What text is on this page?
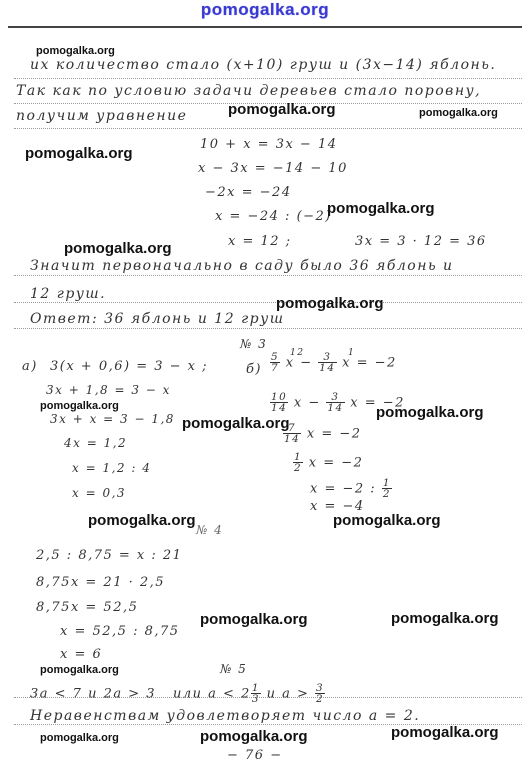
pomogalka.org
их количество стало (x+10) груш и (3x−14) яблонь.
Так как по условию задачи деревьев стало поровну,
получим уравнение
10 + x = 3x − 14
x − 3x = −14 − 10
−2x = −24
x = −24 : (−2)
x = 12 ;	3x = 3 · 12 = 36
Значит первоначально в саду было 36 яблонь и
12 груш.
Ответ: 36 яблонь и 12 груш
№ 3
а) 3(x + 0,6) = 3 − x ;
3x + 1,8 = 3 − x
3x + x = 3 − 1,8
4x = 1,2
x = 1,2 : 4
x = 0,3
б)
12
$\frac{5}{7}$ x −
1
$\frac{3}{14}$ x = −2
$\frac{10}{14}$ $x - \frac{3}{14}$ x = −2
$\frac{7}{14}$ x = −2
$\frac{1}{2}$ x = −2
x = −2 : $\frac{1}{2}$
x = −4
№ 4
2,5 : 8,75 = x : 21
8,75x = 21 · 2,5
8,75x = 52,5
x = 52,5 : 8,75
x = 6
№ 5
3a < 7 и 2a > 3 или $a < 2 \frac{1}{3}$ и $a > \frac{3}{2}$
Неравенствам удовлетворяет число a = 2.
− 76 −
pomogalka.org
pomogalka.org	pomogalka.org
pomogalka.org
pomogalka.org
pomogalka.org
pomogalka.org
pomogalka.org	pomogalka.org
pomogalka.org
pomogalka.org	pomogalka.org
pomogalka.org	pomogalka.org
pomogalka.org
pomogalka.org	pomogalka.org	pomogalka.org
